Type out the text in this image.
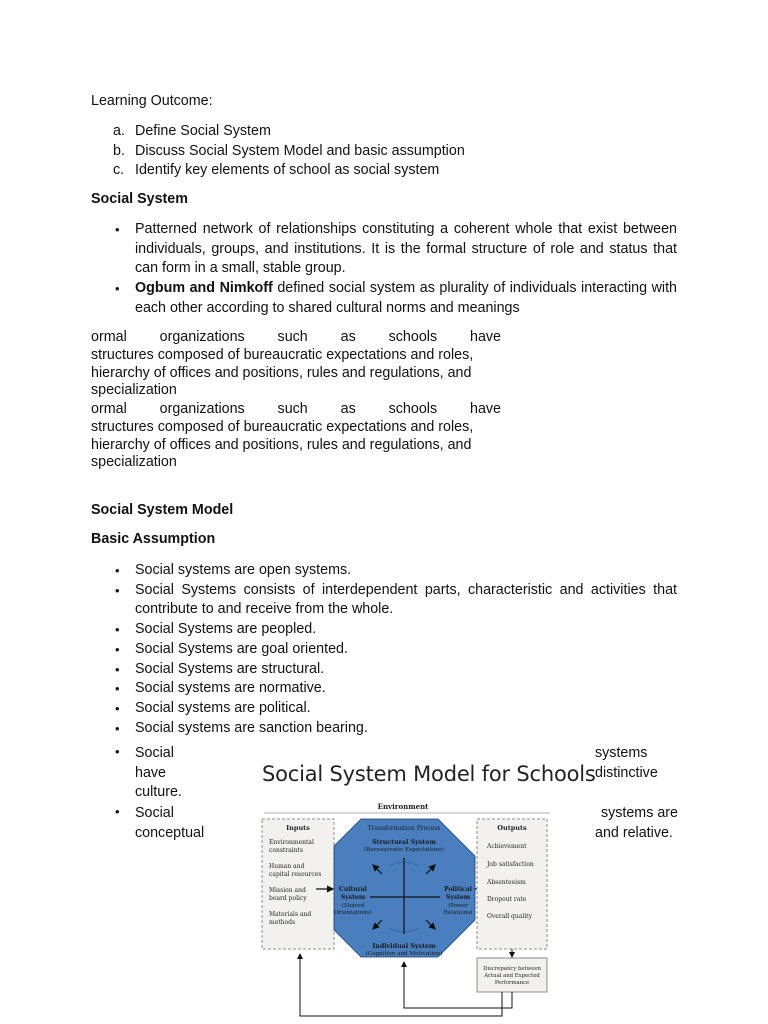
Learning Outcome:
a. Define Social System
b. Discuss Social System Model and basic assumption
c. Identify key elements of school as social system
Social System
• Patterned network of relationships constituting a coherent whole that exist between individuals, groups, and institutions. It is the formal structure of role and status that can form in a small, stable group.
• Ogbum and Nimkoff defined social system as plurality of individuals interacting with each other according to shared cultural norms and meanings
ormal organizations such as schools have
structures composed of bureaucratic expectations and roles,
hierarchy of offices and positions, rules and regulations, and
specialization
ormal organizations such as schools have
structures composed of bureaucratic expectations and roles,
hierarchy of offices and positions, rules and regulations, and
specialization
Social System Model
Basic Assumption
• Social systems are open systems.
• Social Systems consists of interdependent parts, characteristic and activities that contribute to and receive from the whole.
• Social Systems are peopled.
• Social Systems are goal oriented.
• Social Systems are structural.
• Social systems are normative.
• Social systems are political.
• Social systems are sanction bearing.
• Social
have
culture.
systems
distinctive
• Social
conceptual
systems are
and relative.
Social System Model for Schools
Environment
Inputs
Environmental
constraints
Human and
capital resources
Mission and
board policy
Materials and
methods
Transformation Process
Structural System
(Bureaucratic Expectations)
Cultural
System
(Shared
Orientations)
Political
System
(Power
Relations)
Individual System
(Cognition and Motivation)
Outputs
Achievement
Job satisfaction
Absenteeism
Dropout rate
Overall quality
Discrepancy between
Actual and Expected
Performance
